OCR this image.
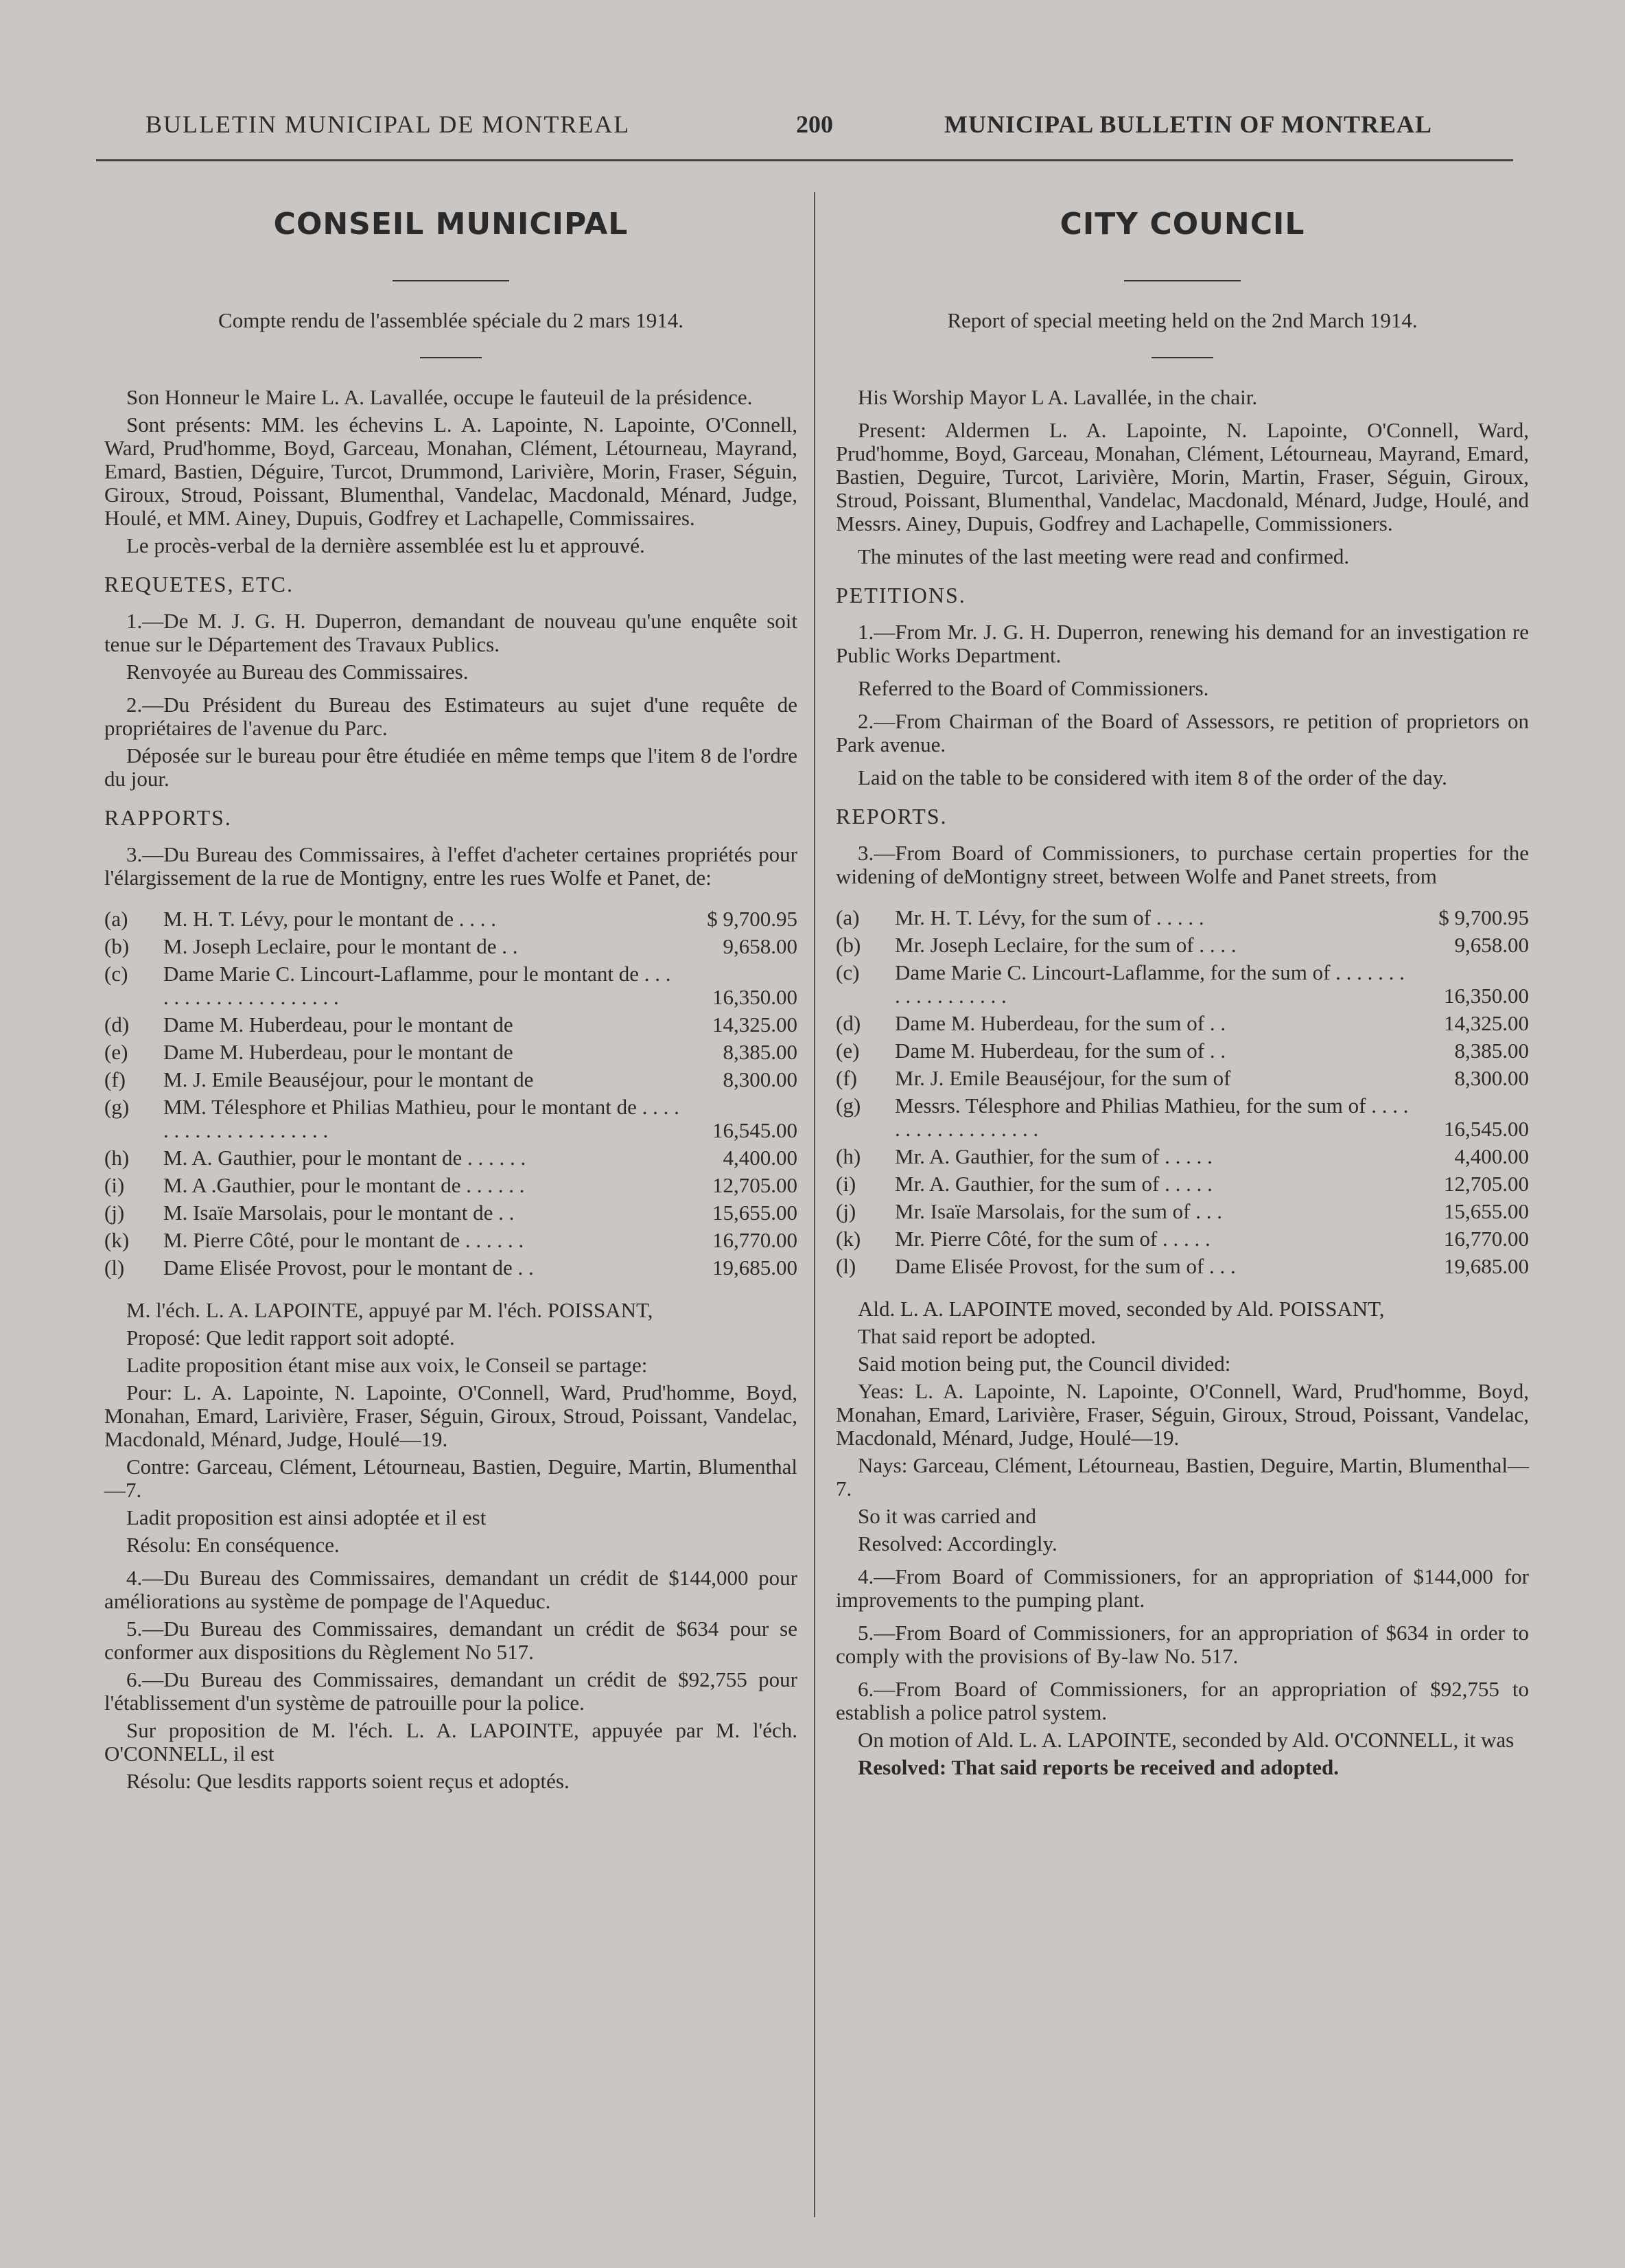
BULLETIN MUNICIPAL DE MONTREAL	200	MUNICIPAL BULLETIN OF MONTREAL
CONSEIL MUNICIPAL
Compte rendu de l'assemblée spéciale du 2 mars 1914.

Son Honneur le Maire L. A. Lavallée, occupe le fauteuil de la présidence.

Sont présents: MM. les échevins L. A. Lapointe, N. Lapointe, O'Connell, Ward, Prud'homme, Boyd, Garceau, Monahan, Clément, Létourneau, Mayrand, Emard, Bastien, Déguire, Turcot, Drummond, Larivière, Morin, Fraser, Séguin, Giroux, Stroud, Poissant, Blumenthal, Vandelac, Macdonald, Ménard, Judge, Houlé, et MM. Ainey, Dupuis, Godfrey et Lachapelle, Commissaires.

Le procès-verbal de la dernière assemblée est lu et approuvé.

REQUETES, ETC.

1.—De M. J. G. H. Duperron, demandant de nouveau qu'une enquête soit tenue sur le Département des Travaux Publics.

Renvoyée au Bureau des Commissaires.

2.—Du Président du Bureau des Estimateurs au sujet d'une requête de propriétaires de l'avenue du Parc.

Déposée sur le bureau pour être étudiée en même temps que l'item 8 de l'ordre du jour.

RAPPORTS.

3.—Du Bureau des Commissaires, à l'effet d'acheter certaines propriétés pour l'élargissement de la rue de Montigny, entre les rues Wolfe et Panet, de:

(a)	M. H. T. Lévy, pour le montant de . . . .	$ 9,700.95
(b)	M. Joseph Leclaire, pour le montant de . .	9,658.00
(c)	Dame Marie C. Lincourt-Laflamme, pour le montant de . . . . . . . . . . . . . . . . . . . .	16,350.00
(d)	Dame M. Huberdeau, pour le montant de	14,325.00
(e)	Dame M. Huberdeau, pour le montant de	8,385.00
(f)	M. J. Emile Beauséjour, pour le montant de	8,300.00
(g)	MM. Télesphore et Philias Mathieu, pour le montant de . . . . . . . . . . . . . . . . . . . .	16,545.00
(h)	M. A. Gauthier, pour le montant de . . . . . .	4,400.00
(i)	M. A .Gauthier, pour le montant de . . . . . .	12,705.00
(j)	M. Isaïe Marsolais, pour le montant de . .	15,655.00
(k)	M. Pierre Côté, pour le montant de . . . . . .	16,770.00
(l)	Dame Elisée Provost, pour le montant de . .	19,685.00

M. l'éch. L. A. LAPOINTE, appuyé par M. l'éch. POISSANT,

Proposé: Que ledit rapport soit adopté.

Ladite proposition étant mise aux voix, le Conseil se partage:

Pour: L. A. Lapointe, N. Lapointe, O'Connell, Ward, Prud'homme, Boyd, Monahan, Emard, Larivière, Fraser, Séguin, Giroux, Stroud, Poissant, Vandelac, Macdonald, Ménard, Judge, Houlé—19.

Contre: Garceau, Clément, Létourneau, Bastien, Deguire, Martin, Blumenthal—7.

Ladit proposition est ainsi adoptée et il est

Résolu: En conséquence.

4.—Du Bureau des Commissaires, demandant un crédit de $144,000 pour améliorations au système de pompage de l'Aqueduc.

5.—Du Bureau des Commissaires, demandant un crédit de $634 pour se conformer aux dispositions du Règlement No 517.

6.—Du Bureau des Commissaires, demandant un crédit de $92,755 pour l'établissement d'un système de patrouille pour la police.

Sur proposition de M. l'éch. L. A. LAPOINTE, appuyée par M. l'éch. O'CONNELL, il est

Résolu: Que lesdits rapports soient reçus et adoptés.

CITY COUNCIL
Report of special meeting held on the 2nd March 1914.

His Worship Mayor L A. Lavallée, in the chair.

Present: Aldermen L. A. Lapointe, N. Lapointe, O'Connell, Ward, Prud'homme, Boyd, Garceau, Monahan, Clément, Létourneau, Mayrand, Emard, Bastien, Deguire, Turcot, Larivière, Morin, Martin, Fraser, Séguin, Giroux, Stroud, Poissant, Blumenthal, Vandelac, Macdonald, Ménard, Judge, Houlé, and Messrs. Ainey, Dupuis, Godfrey and Lachapelle, Commissioners.

The minutes of the last meeting were read and confirmed.

PETITIONS.

1.—From Mr. J. G. H. Duperron, renewing his demand for an investigation re Public Works Department.

Referred to the Board of Commissioners.

2.—From Chairman of the Board of Assessors, re petition of proprietors on Park avenue.

Laid on the table to be considered with item 8 of the order of the day.

REPORTS.

3.—From Board of Commissioners, to purchase certain properties for the widening of deMontigny street, between Wolfe and Panet streets, from

(a)	Mr. H. T. Lévy, for the sum of . . . . .	$ 9,700.95
(b)	Mr. Joseph Leclaire, for the sum of . . . .	9,658.00
(c)	Dame Marie C. Lincourt-Laflamme, for the sum of . . . . . . . . . . . . . . . . . .	16,350.00
(d)	Dame M. Huberdeau, for the sum of . .	14,325.00
(e)	Dame M. Huberdeau, for the sum of . .	8,385.00
(f)	Mr. J. Emile Beauséjour, for the sum of	8,300.00
(g)	Messrs. Télesphore and Philias Mathieu, for the sum of . . . . . . . . . . . . . . . . . .	16,545.00
(h)	Mr. A. Gauthier, for the sum of . . . . .	4,400.00
(i)	Mr. A. Gauthier, for the sum of . . . . .	12,705.00
(j)	Mr. Isaïe Marsolais, for the sum of . . .	15,655.00
(k)	Mr. Pierre Côté, for the sum of . . . . .	16,770.00
(l)	Dame Elisée Provost, for the sum of . . .	19,685.00

Ald. L. A. LAPOINTE moved, seconded by Ald. POISSANT,

That said report be adopted.

Said motion being put, the Council divided:

Yeas: L. A. Lapointe, N. Lapointe, O'Connell, Ward, Prud'homme, Boyd, Monahan, Emard, Larivière, Fraser, Séguin, Giroux, Stroud, Poissant, Vandelac, Macdonald, Ménard, Judge, Houlé—19.

Nays: Garceau, Clément, Létourneau, Bastien, Deguire, Martin, Blumenthal—7.

So it was carried and

Resolved: Accordingly.

4.—From Board of Commissioners, for an appropriation of $144,000 for improvements to the pumping plant.

5.—From Board of Commissioners, for an appropriation of $634 in order to comply with the provisions of By-law No. 517.

6.—From Board of Commissioners, for an appropriation of $92,755 to establish a police patrol system.

On motion of Ald. L. A. LAPOINTE, seconded by Ald. O'CONNELL, it was

Resolved: That said reports be received and adopted.
